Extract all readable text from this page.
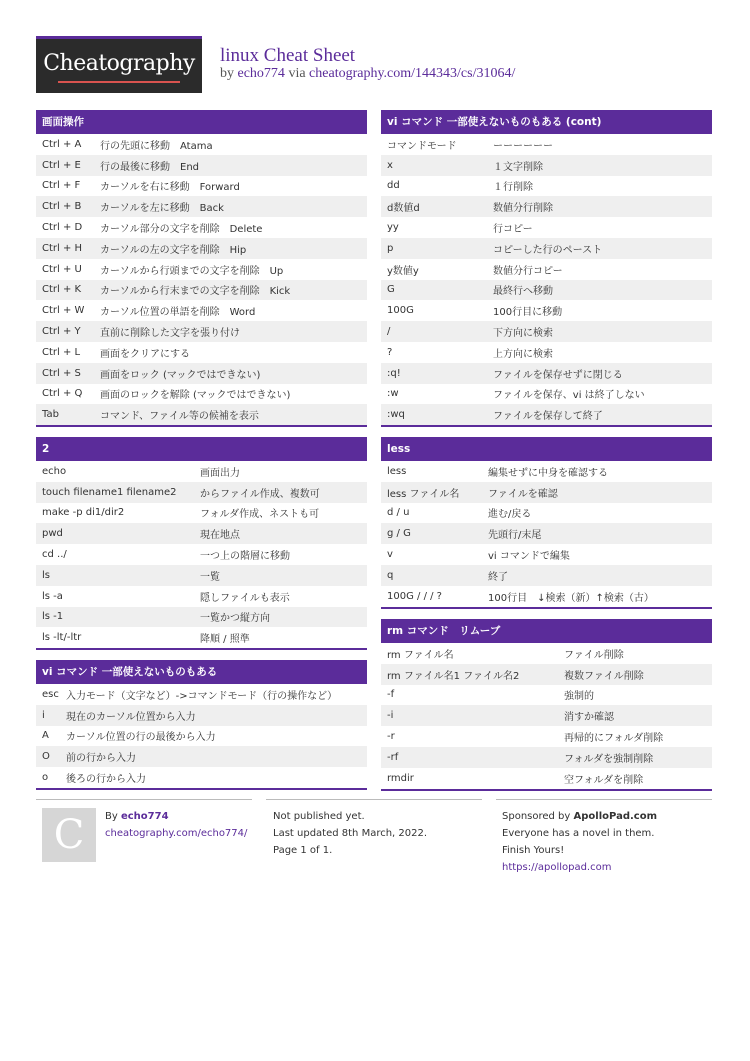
Cheatography	linux Cheat Sheet
by echo774 via cheatography.com/144343/cs/31064/
画面操作
Ctrl + A	行の先頭に移動　Atama
Ctrl + E	行の最後に移動　End
Ctrl + F	カーソルを右に移動　Forward
Ctrl + B	カーソルを左に移動　Back
Ctrl + D	カーソル部分の文字を削除　Delete
Ctrl + H	カーソルの左の文字を削除　Hip
Ctrl + U	カーソルから行頭までの文字を削除　Up
Ctrl + K	カーソルから行末までの文字を削除　Kick
Ctrl + W	カーソル位置の単語を削除　Word
Ctrl + Y	直前に削除した文字を張り付け
Ctrl + L	画面をクリアにする
Ctrl + S	画面をロック (マックではできない)
Ctrl + Q	画面のロックを解除 (マックではできない)
Tab	コマンド、ファイル等の候補を表示
2
echo	画面出力
touch filename1 filename2	からファイル作成、複数可
make -p di1/dir2	フォルダ作成、ネストも可
pwd	現在地点
cd ../	一つ上の階層に移動
ls	一覧
ls -a	隠しファイルも表示
ls -1	一覧かつ縦方向
ls -lt/-ltr	降順 / 照準
vi コマンド 一部使えないものもある
esc 入力モード（文字など）->コマンドモード（行の操作など）
i	現在のカーソル位置から入力
A	カーソル位置の行の最後から入力
O	前の行から入力
o	後ろの行から入力
vi コマンド 一部使えないものもある (cont)
コマンドモード	ーーーーーー
x	１文字削除
dd	１行削除
d数値d	数値分行削除
yy	行コピー
p	コピーした行のペースト
y数値y	数値分行コピー
G	最終行へ移動
100G	100行目に移動
/	下方向に検索
?	上方向に検索
:q!	ファイルを保存せずに閉じる
:w	ファイルを保存、vi は終了しない
:wq	ファイルを保存して終了
less
less	編集せずに中身を確認する
less ファイル名	ファイルを確認
d / u	進む/戻る
g / G	先頭行/末尾
v	vi コマンドで編集
q	終了
100G / / / ?	100行目　↓検索（新）↑検索（古）
rm コマンド　リムーブ
rm ファイル名	ファイル削除
rm ファイル名1 ファイル名2	複数ファイル削除
-f	強制的
-i	消すか確認
-r	再帰的にフォルダ削除
-rf	フォルダを強制削除
rmdir	空フォルダを削除
C	By echo774
cheatography.com/echo774/
Not published yet.
Last updated 8th March, 2022.
Page 1 of 1.
Sponsored by ApolloPad.com
Everyone has a novel in them. Finish Yours!
https://apollopad.com
